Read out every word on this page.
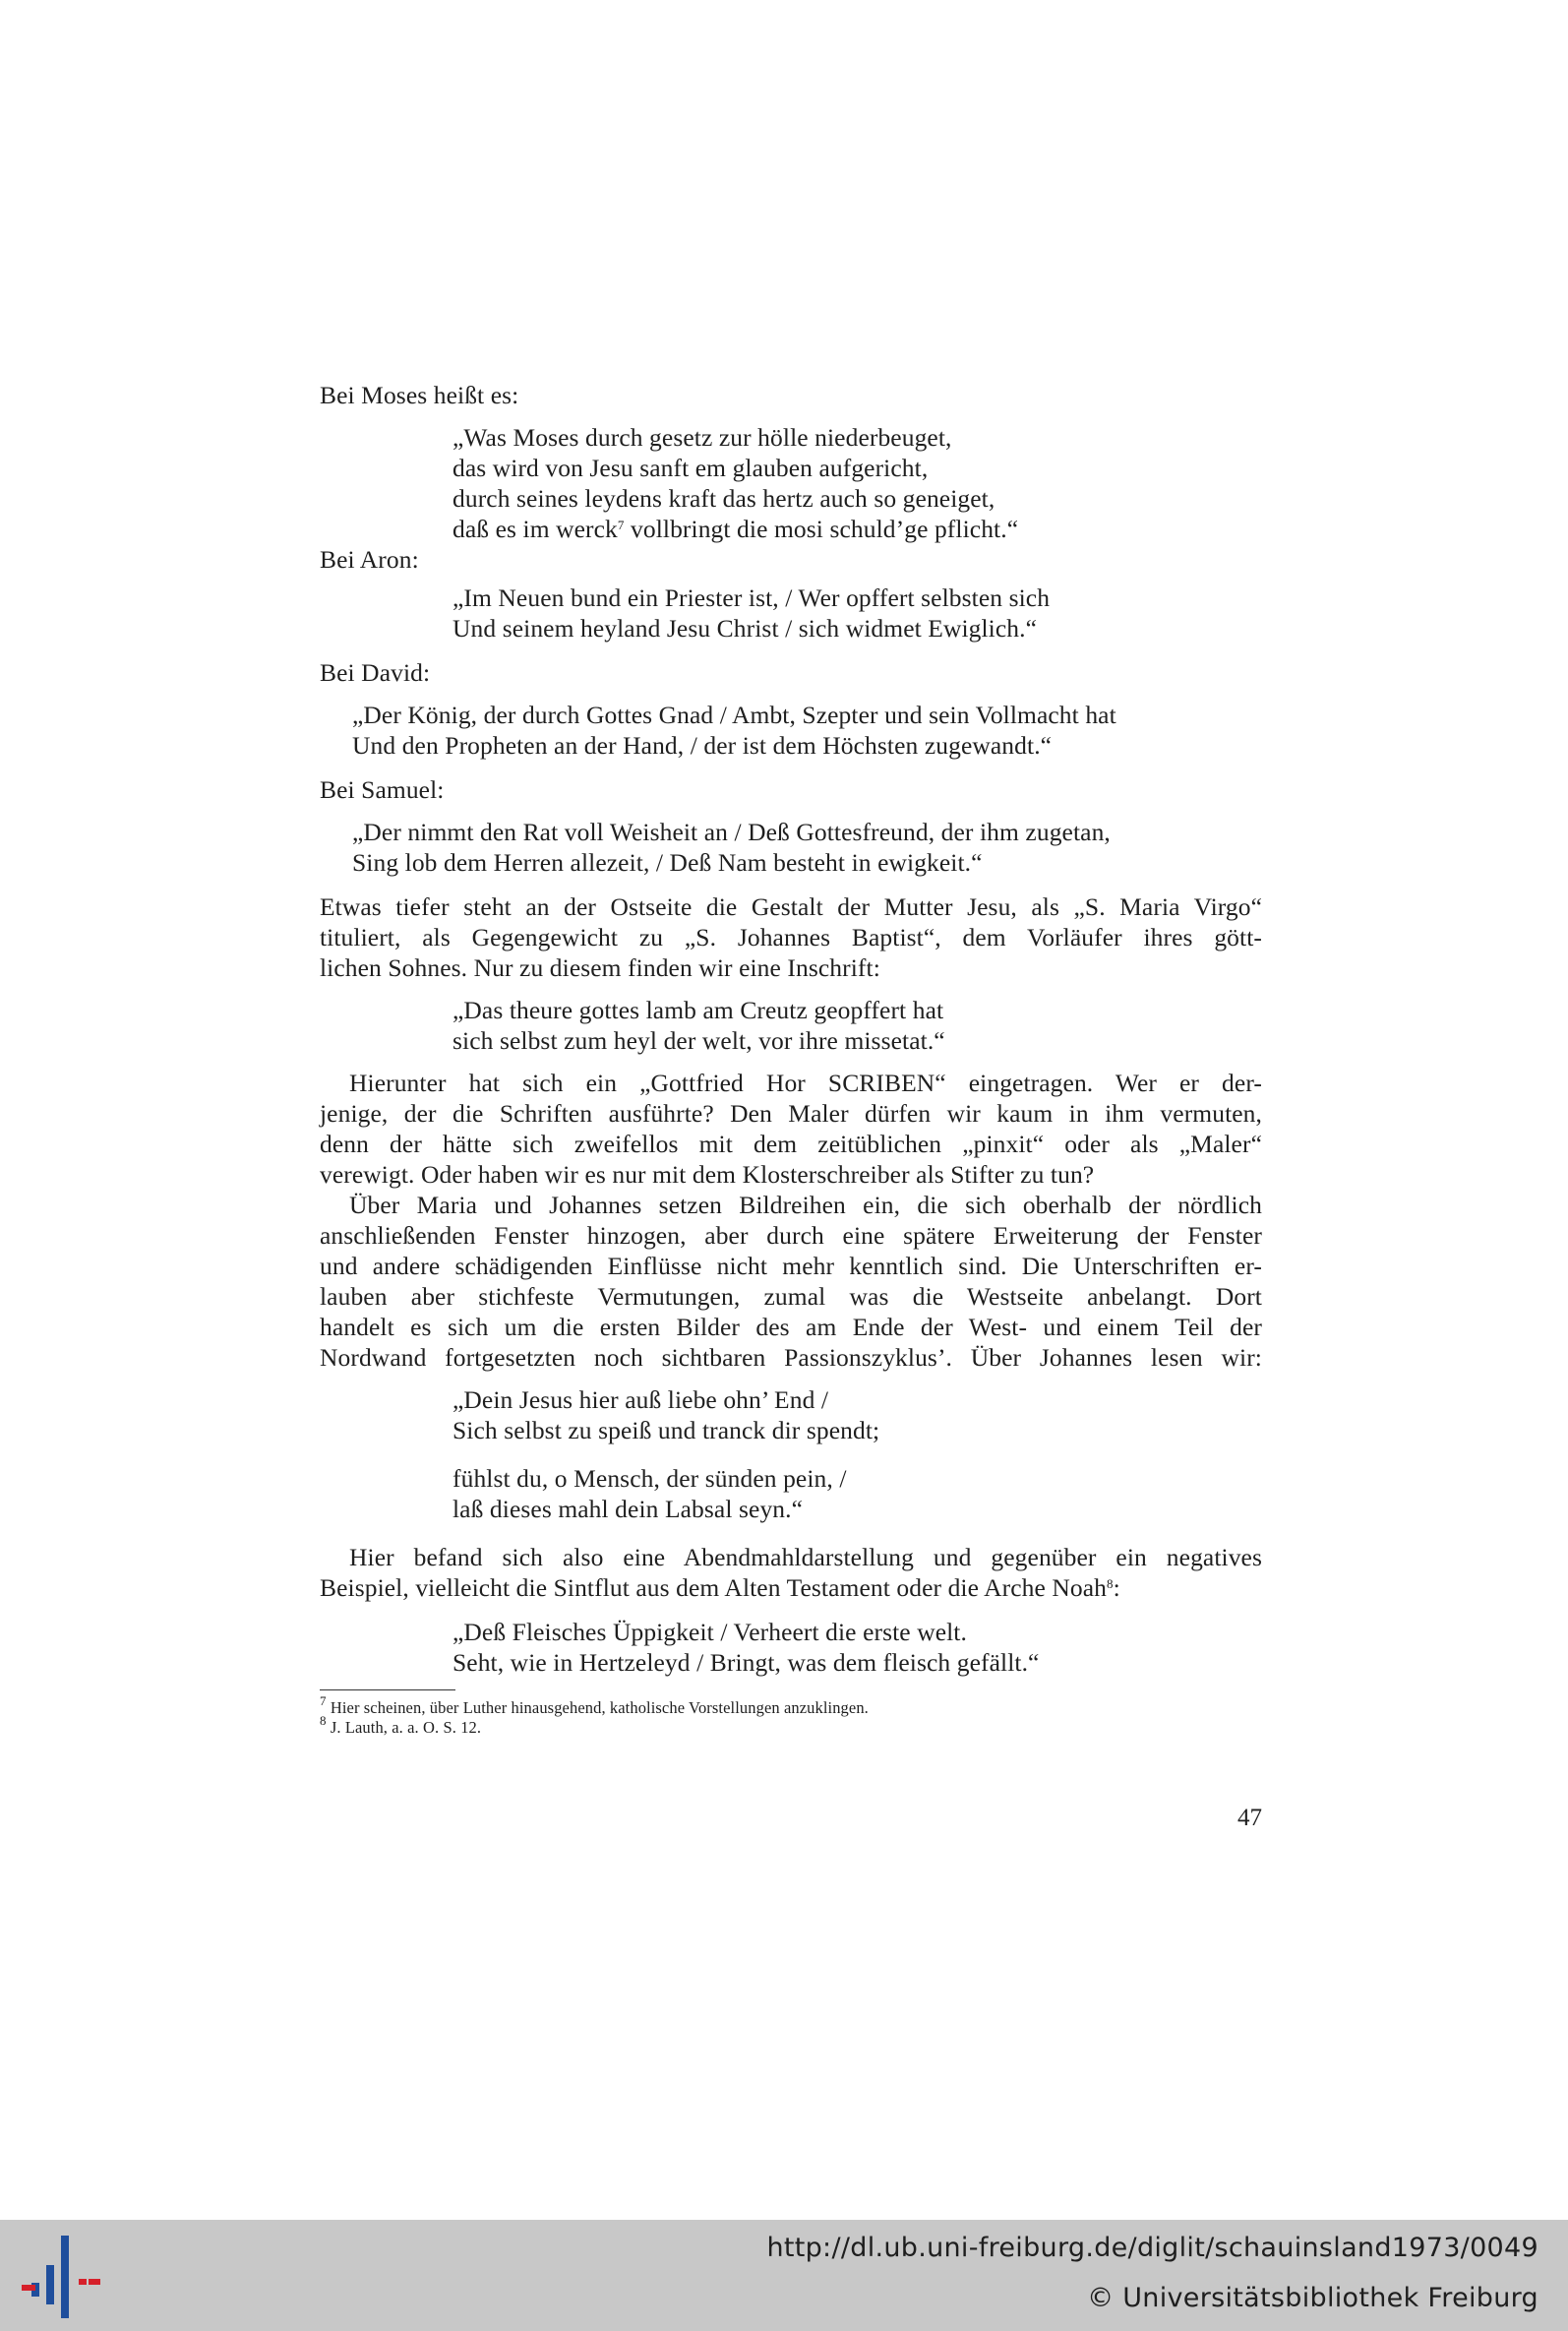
Bei Moses heißt es:
„Was Moses durch gesetz zur hölle niederbeuget,
das wird von Jesu sanft em glauben aufgericht,
durch seines leydens kraft das hertz auch so geneiget,
daß es im werck$^7$ vollbringt die mosi schuld’ge pflicht.“
Bei Aron:
„Im Neuen bund ein Priester ist, / Wer opffert selbsten sich
Und seinem heyland Jesu Christ / sich widmet Ewiglich.“
Bei David:
„Der König, der durch Gottes Gnad / Ambt, Szepter und sein Vollmacht hat
Und den Propheten an der Hand, / der ist dem Höchsten zugewandt.“
Bei Samuel:
„Der nimmt den Rat voll Weisheit an / Deß Gottesfreund, der ihm zugetan,
Sing lob dem Herren allezeit, / Deß Nam besteht in ewigkeit.“
Etwas tiefer steht an der Ostseite die Gestalt der Mutter Jesu, als „S. Maria Virgo“
tituliert, als Gegengewicht zu „S. Johannes Baptist“, dem Vorläufer ihres gött-
lichen Sohnes. Nur zu diesem finden wir eine Inschrift:
„Das theure gottes lamb am Creutz geopffert hat
sich selbst zum heyl der welt, vor ihre missetat.“
Hierunter hat sich ein „Gottfried Hor SCRIBEN“ eingetragen. Wer er der-
jenige, der die Schriften ausführte? Den Maler dürfen wir kaum in ihm vermuten,
denn der hätte sich zweifellos mit dem zeitüblichen „pinxit“ oder als „Maler“
verewigt. Oder haben wir es nur mit dem Klosterschreiber als Stifter zu tun?
Über Maria und Johannes setzen Bildreihen ein, die sich oberhalb der nördlich
anschließenden Fenster hinzogen, aber durch eine spätere Erweiterung der Fenster
und andere schädigenden Einflüsse nicht mehr kenntlich sind. Die Unterschriften er-
lauben aber stichfeste Vermutungen, zumal was die Westseite anbelangt. Dort
handelt es sich um die ersten Bilder des am Ende der West- und einem Teil der
Nordwand fortgesetzten noch sichtbaren Passionszyklus’. Über Johannes lesen wir:
„Dein Jesus hier auß liebe ohn’ End /
Sich selbst zu speiß und tranck dir spendt;
fühlst du, o Mensch, der sünden pein, /
laß dieses mahl dein Labsal seyn.“
Hier befand sich also eine Abendmahldarstellung und gegenüber ein negatives
Beispiel, vielleicht die Sintflut aus dem Alten Testament oder die Arche Noah$^8$:
„Deß Fleisches Üppigkeit / Verheert die erste welt.
Seht, wie in Hertzeleyd / Bringt, was dem fleisch gefällt.“
$^7$ Hier scheinen, über Luther hinausgehend, katholische Vorstellungen anzuklingen.
$^8$ J. Lauth, a. a. O. S. 12.
47
http://dl.ub.uni-freiburg.de/diglit/schauinsland1973/0049
© Universitätsbibliothek Freiburg
